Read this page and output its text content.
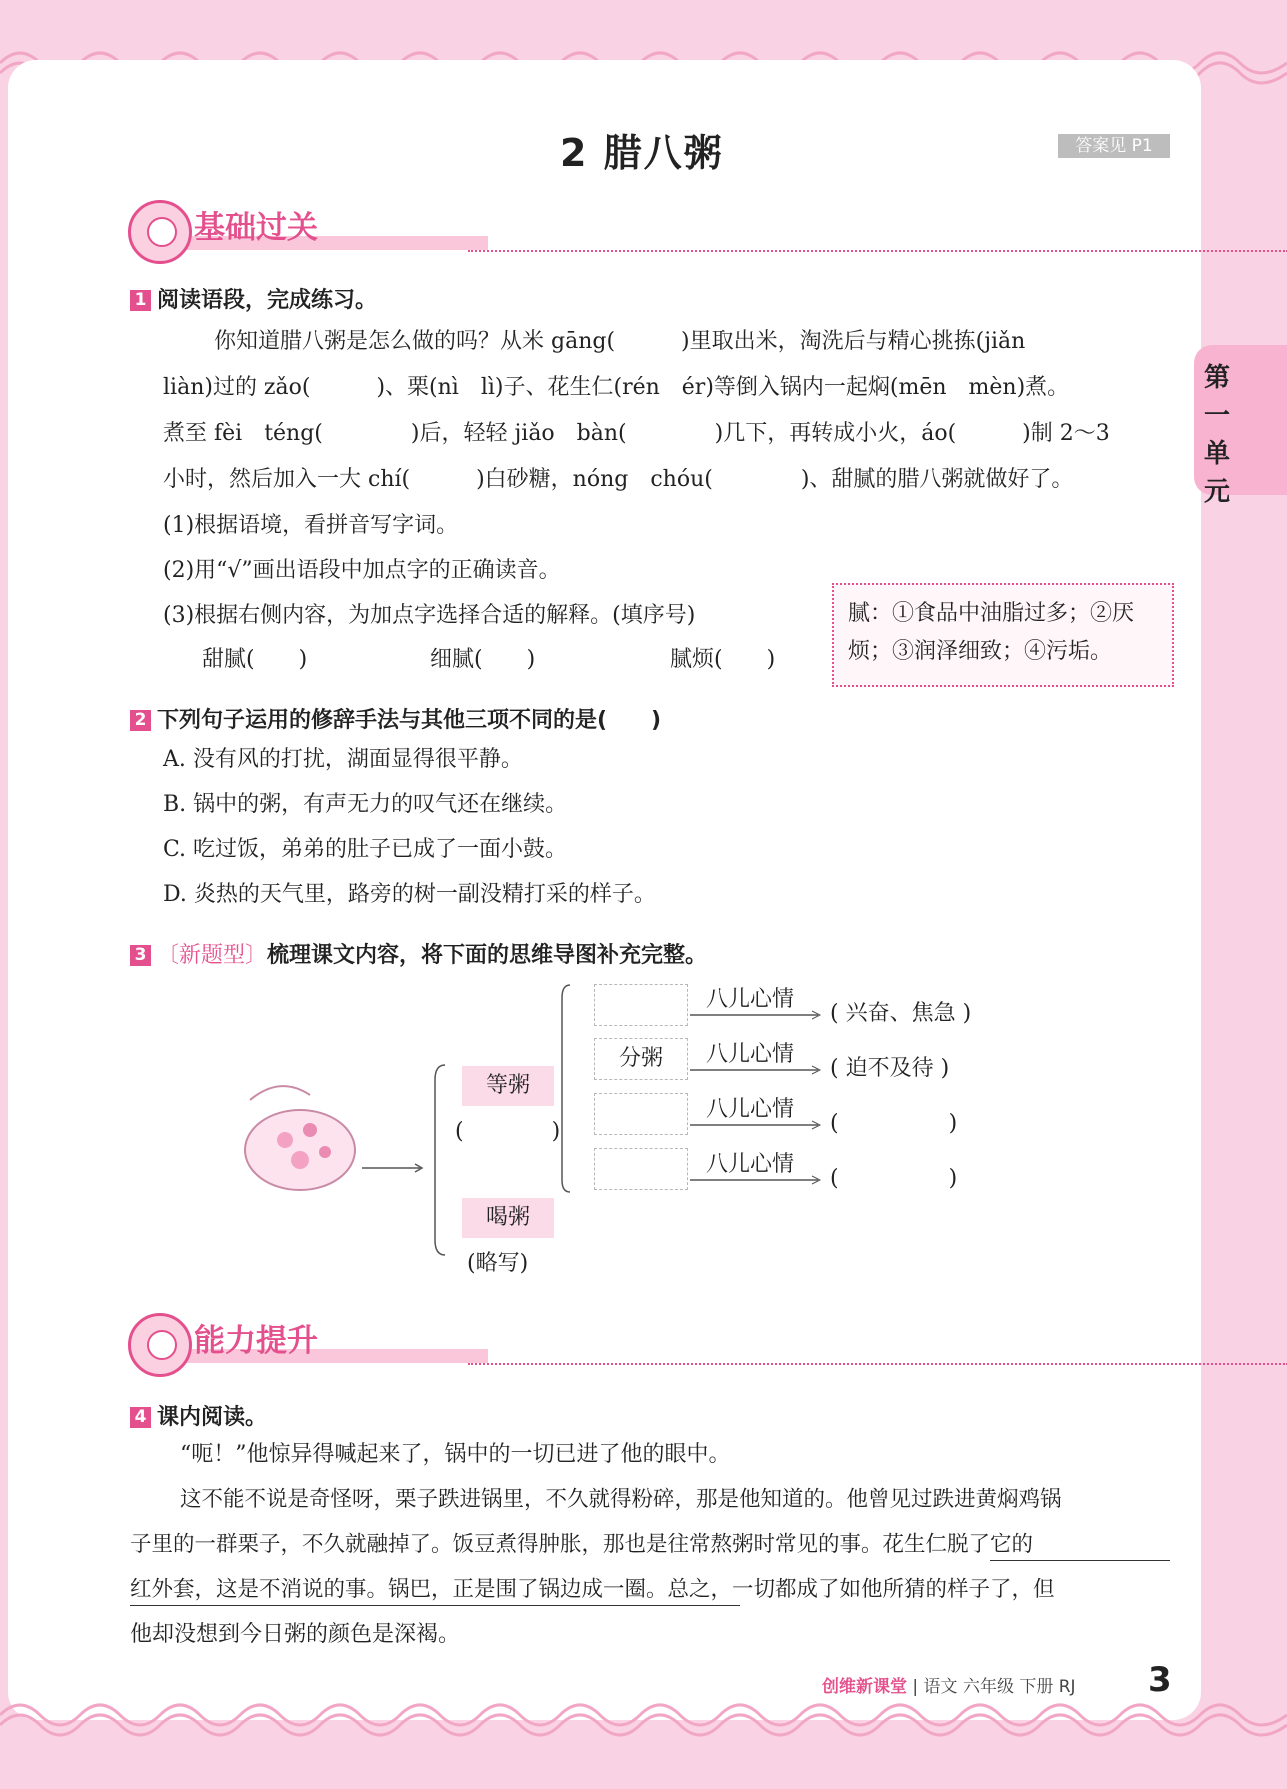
2 腊八粥	答案见 P1
第一单元
基础过关
1 阅读语段，完成练习。
你知道腊八粥是怎么做的吗？从米 gāng(　　　)里取出米，淘洗后与精心挑拣(jiǎn
liàn)过的 zǎo(　　　)、栗(nì　lì)子、花生仁(rén　ér)等倒入锅内一起焖(mēn　mèn)煮。
煮至 fèi　téng(　　　　)后，轻轻 jiǎo　bàn(　　　　)几下，再转成小火，áo(　　　)制 2～3
小时，然后加入一大 chí(　　　)白砂糖，nóng　chóu(　　　　)、甜腻的腊八粥就做好了。
(1)根据语境，看拼音写字词。
(2)用“√”画出语段中加点字的正确读音。
(3)根据右侧内容，为加点字选择合适的解释。(填序号)
甜腻(　　)	细腻(　　)	腻烦(　　)
腻：①食品中油脂过多；②厌烦；③润泽细致；④污垢。
2 下列句子运用的修辞手法与其他三项不同的是(　　)
A. 没有风的打扰，湖面显得很平静。
B. 锅中的粥，有声无力的叹气还在继续。
C. 吃过饭，弟弟的肚子已成了一面小鼓。
D. 炎热的天气里，路旁的树一副没精打采的样子。
3 〔新题型〕梳理课文内容，将下面的思维导图补充完整。
等粥
(　　　　)
喝粥
(略写)
分粥
八儿心情
八儿心情
八儿心情
八儿心情
( 兴奋、焦急 )
( 迫不及待 )
(　　　　　)
(　　　　　)
能力提升
4 课内阅读。
“呃！”他惊异得喊起来了，锅中的一切已进了他的眼中。
这不能不说是奇怪呀，栗子跌进锅里，不久就得粉碎，那是他知道的。他曾见过跌进黄焖鸡锅
子里的一群栗子，不久就融掉了。饭豆煮得肿胀，那也是往常熬粥时常见的事。花生仁脱了它的
红外套，这是不消说的事。锅巴，正是围了锅边成一圈。总之，一切都成了如他所猜的样子了，但
他却没想到今日粥的颜色是深褐。
创维新课堂 | 语文 六年级 下册 RJ 3
